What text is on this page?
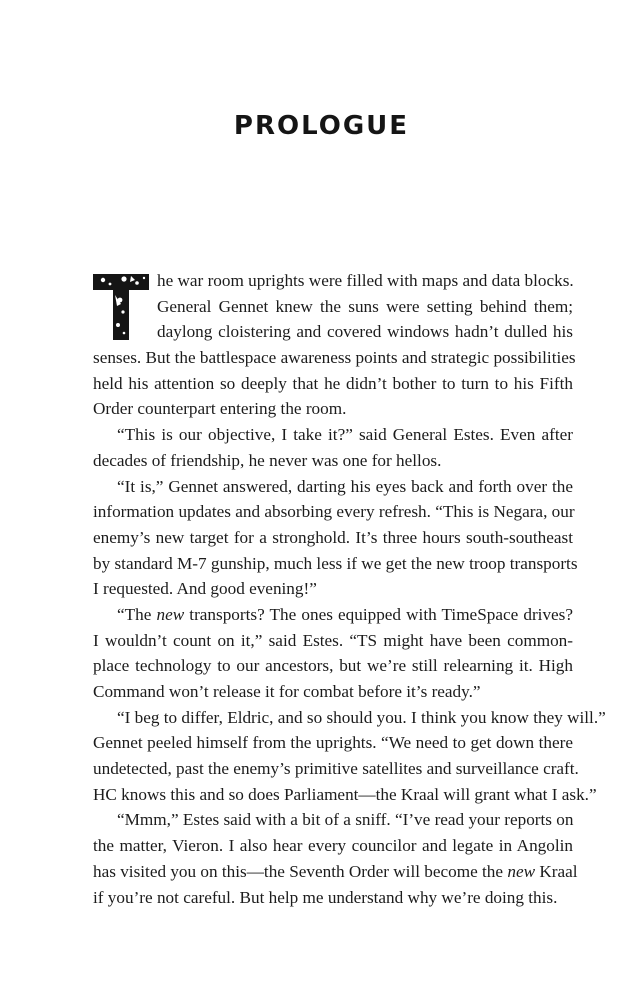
PROLOGUE
he war room uprights were filled with maps and data blocks.
General Gennet knew the suns were setting behind them;
daylong cloistering and covered windows hadn’t dulled his
senses. But the battlespace awareness points and strategic possibilities
held his attention so deeply that he didn’t bother to turn to his Fifth
Order counterpart entering the room.
“This is our objective, I take it?” said General Estes. Even after
decades of friendship, he never was one for hellos.
“It is,” Gennet answered, darting his eyes back and forth over the
information updates and absorbing every refresh. “This is Negara, our
enemy’s new target for a stronghold. It’s three hours south-southeast
by standard M-7 gunship, much less if we get the new troop transports
I requested. And good evening!”
“The new transports? The ones equipped with TimeSpace drives?
I wouldn’t count on it,” said Estes. “TS might have been common-
place technology to our ancestors, but we’re still relearning it. High
Command won’t release it for combat before it’s ready.”
“I beg to differ, Eldric, and so should you. I think you know they will.”
Gennet peeled himself from the uprights. “We need to get down there
undetected, past the enemy’s primitive satellites and surveillance craft.
HC knows this and so does Parliament—the Kraal will grant what I ask.”
“Mmm,” Estes said with a bit of a sniff. “I’ve read your reports on
the matter, Vieron. I also hear every councilor and legate in Angolin
has visited you on this—the Seventh Order will become the new Kraal
if you’re not careful. But help me understand why we’re doing this.
